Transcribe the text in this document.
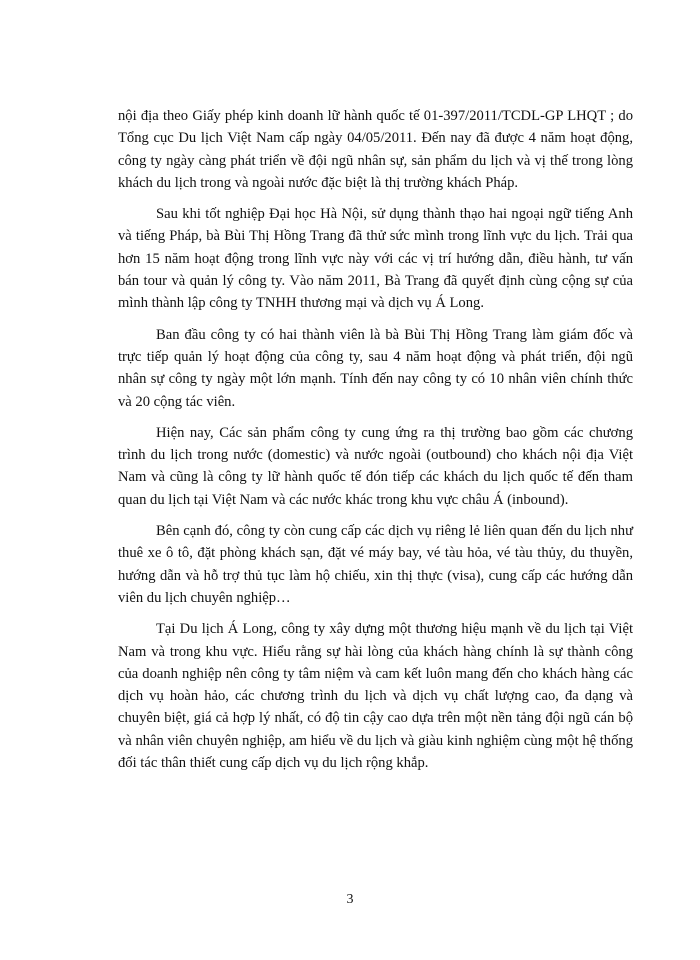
nội địa theo Giấy phép kinh doanh lữ hành quốc tế 01-397/2011/TCDL-GP LHQT ; do Tổng cục Du lịch Việt Nam cấp ngày 04/05/2011. Đến nay đã được 4 năm hoạt động, công ty ngày càng phát triển về đội ngũ nhân sự, sản phẩm du lịch và vị thế trong lòng khách du lịch trong và ngoài nước đặc biệt là thị trường khách Pháp.

Sau khi tốt nghiệp Đại học Hà Nội, sử dụng thành thạo hai ngoại ngữ tiếng Anh và tiếng Pháp, bà Bùi Thị Hồng Trang đã thử sức mình trong lĩnh vực du lịch. Trải qua hơn 15 năm hoạt động trong lĩnh vực này với các vị trí hướng dẫn, điều hành, tư vấn bán tour và quản lý công ty. Vào năm 2011, Bà Trang đã quyết định cùng cộng sự của mình thành lập công ty TNHH thương mại và dịch vụ Á Long.

Ban đầu công ty có hai thành viên là bà Bùi Thị Hồng Trang làm giám đốc và trực tiếp quản lý hoạt động của công ty, sau 4 năm hoạt động và phát triển, đội ngũ nhân sự công ty ngày một lớn mạnh. Tính đến nay công ty có 10 nhân viên chính thức và 20 cộng tác viên.

Hiện nay, Các sản phẩm công ty cung ứng ra thị trường bao gồm các chương trình du lịch trong nước (domestic) và nước ngoài (outbound) cho khách nội địa Việt Nam và cũng là công ty lữ hành quốc tế đón tiếp các khách du lịch quốc tế đến tham quan du lịch tại Việt Nam và các nước khác trong khu vực châu Á (inbound).

Bên cạnh đó, công ty còn cung cấp các dịch vụ riêng lẻ liên quan đến du lịch như thuê xe ô tô, đặt phòng khách sạn, đặt vé máy bay, vé tàu hỏa, vé tàu thủy, du thuyền, hướng dẫn và hỗ trợ thủ tục làm hộ chiếu, xin thị thực (visa), cung cấp các hướng dẫn viên du lịch chuyên nghiệp…

Tại Du lịch Á Long, công ty xây dựng một thương hiệu mạnh về du lịch tại Việt Nam và trong khu vực. Hiểu rằng sự hài lòng của khách hàng chính là sự thành công của doanh nghiệp nên công ty tâm niệm và cam kết luôn mang đến cho khách hàng các dịch vụ hoàn hảo, các chương trình du lịch và dịch vụ chất lượng cao, đa dạng và chuyên biệt, giá cả hợp lý nhất, có độ tin cậy cao dựa trên một nền tảng đội ngũ cán bộ và nhân viên chuyên nghiệp, am hiểu về du lịch và giàu kinh nghiệm cùng một hệ thống đối tác thân thiết cung cấp dịch vụ du lịch rộng khắp.

3
